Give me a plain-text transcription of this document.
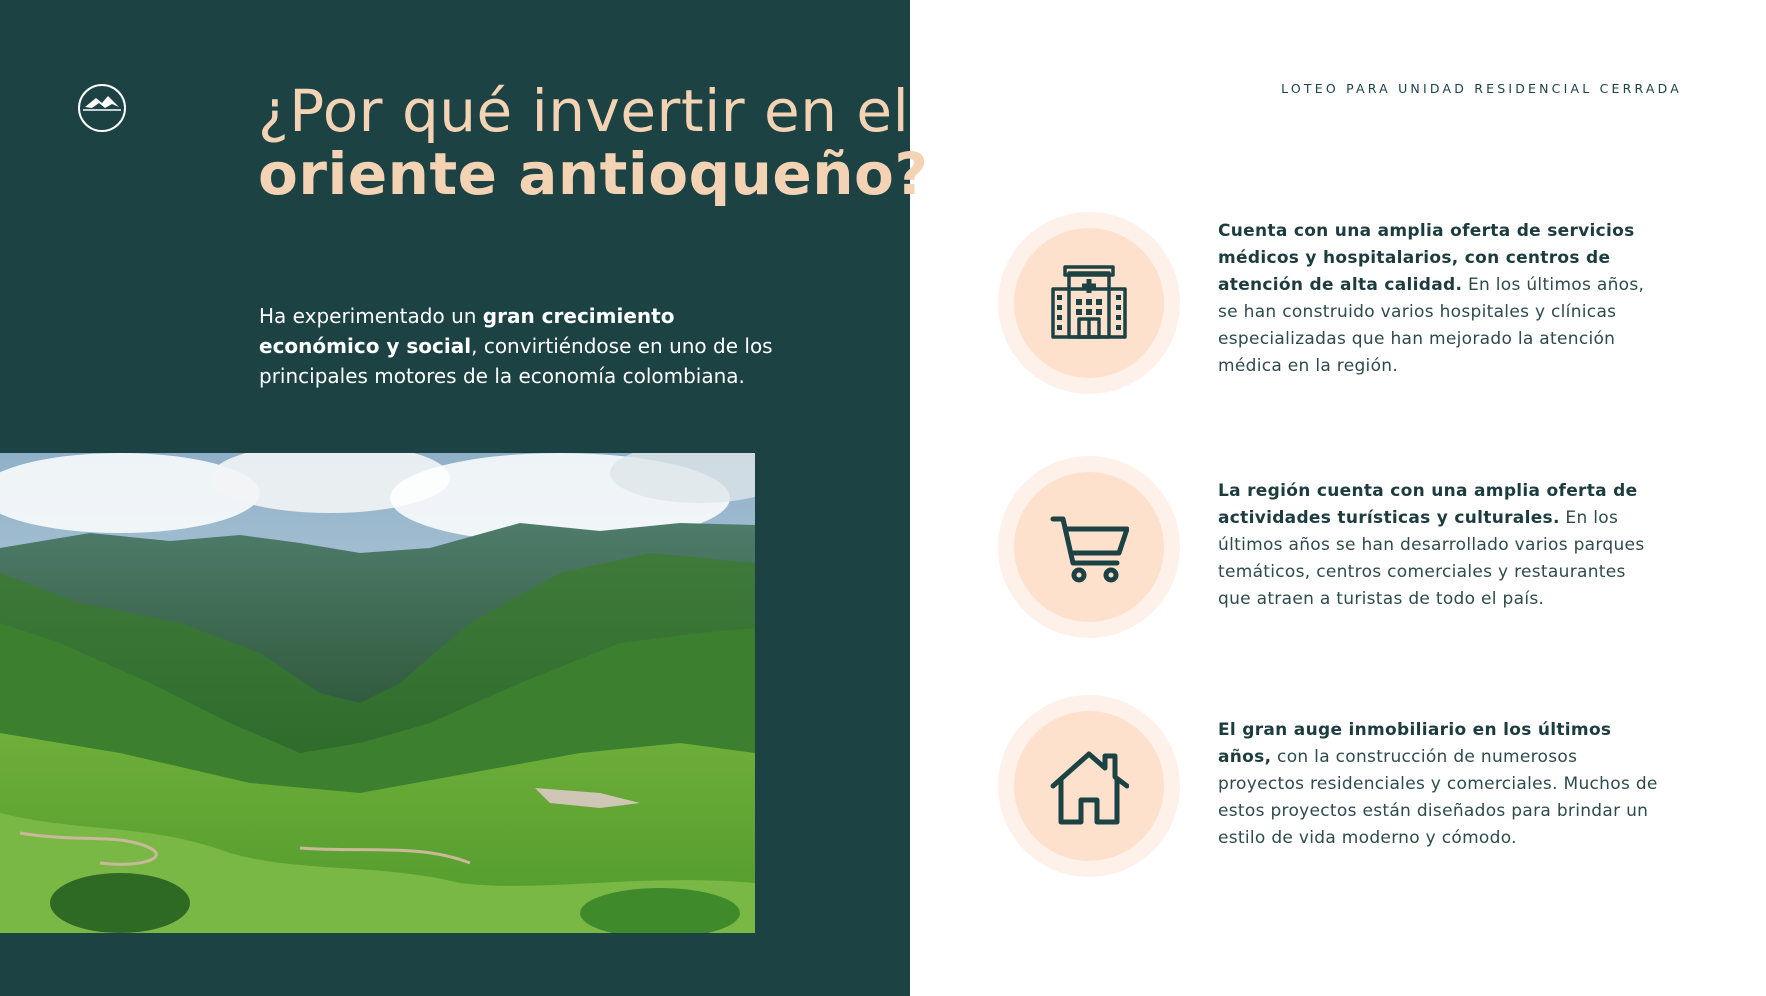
¿Por qué invertir en el
oriente antioqueño?
Ha experimentado un gran crecimiento económico y social, convirtiéndose en uno de los principales motores de la economía colombiana.
LOTEO PARA UNIDAD RESIDENCIAL CERRADA
Cuenta con una amplia oferta de servicios médicos y hospitalarios, con centros de atención de alta calidad. En los últimos años, se han construido varios hospitales y clínicas especializadas que han mejorado la atención médica en la región.
La región cuenta con una amplia oferta de actividades turísticas y culturales. En los últimos años se han desarrollado varios parques temáticos, centros comerciales y restaurantes que atraen a turistas de todo el país.
El gran auge inmobiliario en los últimos años, con la construcción de numerosos proyectos residenciales y comerciales. Muchos de estos proyectos están diseñados para brindar un estilo de vida moderno y cómodo.
